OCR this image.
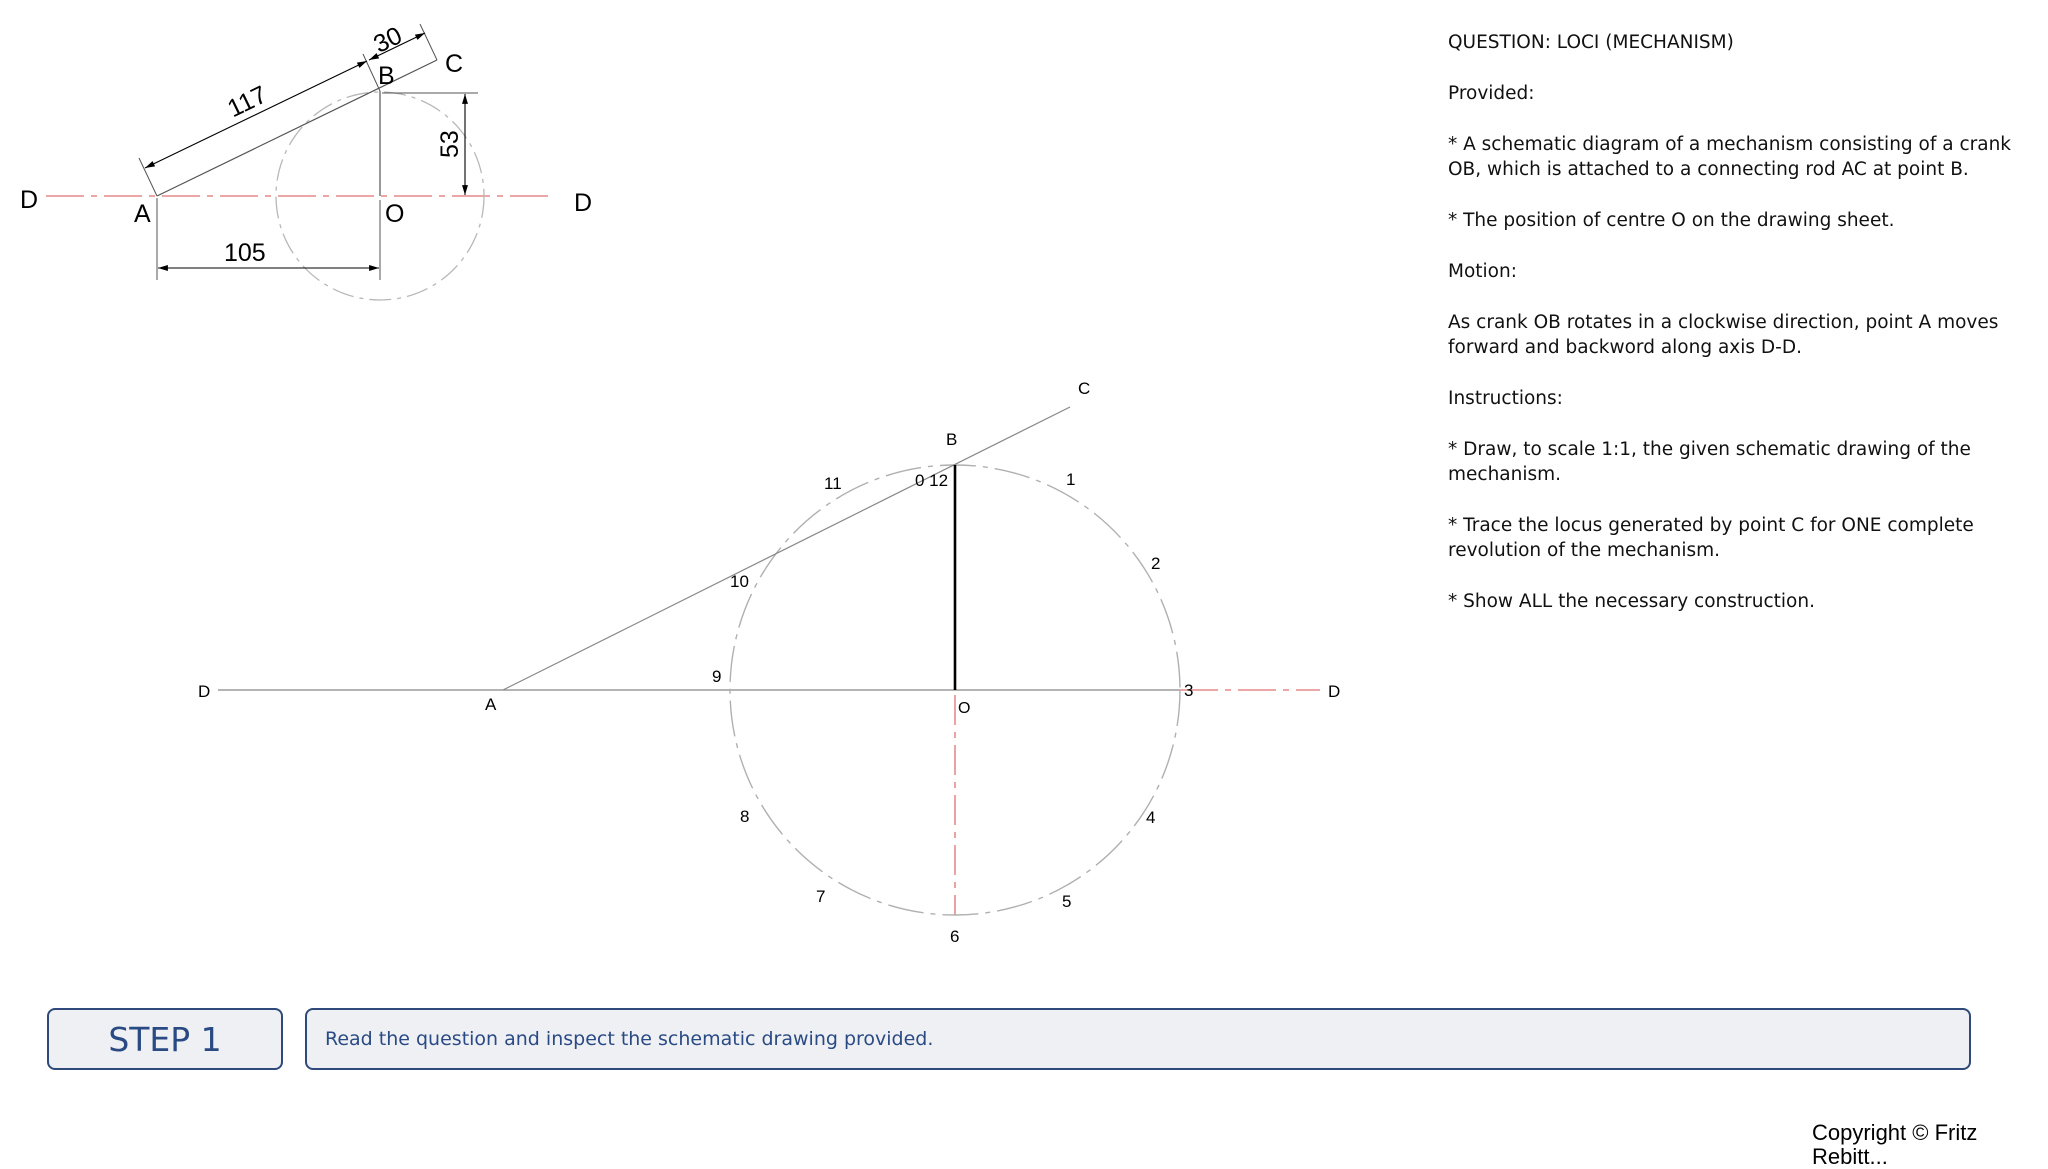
D	D
A	O
B C
30
117
53
105
D	D
A	O
B
C
0 12	1
2
3
4
5
6
7
8
9
10
11

QUESTION: LOCI (MECHANISM)

Provided:

* A schematic diagram of a mechanism consisting of a crank OB, which is attached to a connecting rod AC at point B.

* The position of centre O on the drawing sheet.

Motion:

As crank OB rotates in a clockwise direction, point A moves forward and backword along axis D-D.

Instructions:

* Draw, to scale 1:1, the given schematic drawing of the mechanism.

* Trace the locus generated by point C for ONE complete revolution of the mechanism.

* Show ALL the necessary construction.

STEP 1	Read the question and inspect the schematic drawing provided.
Copyright © Fritz
Rebitt...
